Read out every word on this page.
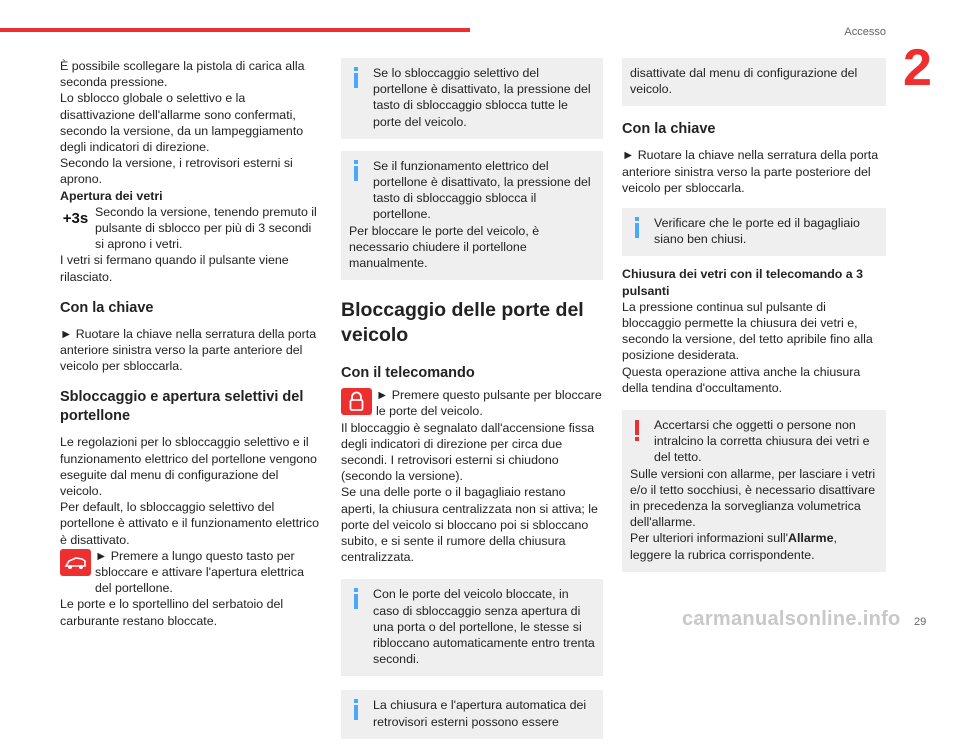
Accesso
2
carmanualsonline.info 29

È possibile scollegare la pistola di carica alla seconda pressione.

Lo sblocco globale o selettivo e la disattivazione dell'allarme sono confermati, secondo la versione, da un lampeggiamento degli indicatori di direzione.

Secondo la versione, i retrovisori esterni si aprono.

Apertura dei vetri

+3s Secondo la versione, tenendo premuto il pulsante di sblocco per più di 3 secondi si aprono i vetri.

I vetri si fermano quando il pulsante viene rilasciato.

Con la chiave

► Ruotare la chiave nella serratura della porta anteriore sinistra verso la parte anteriore del veicolo per sbloccarla.

Sbloccaggio e apertura selettivi del portellone

Le regolazioni per lo sbloccaggio selettivo e il funzionamento elettrico del portellone vengono eseguite dal menu di configurazione del veicolo.

Per default, lo sbloccaggio selettivo del portellone è attivato e il funzionamento elettrico è disattivato.

► Premere a lungo questo tasto per sbloccare e attivare l'apertura elettrica del portellone.

Le porte e lo sportellino del serbatoio del carburante restano bloccate.

Se lo sbloccaggio selettivo del portellone è disattivato, la pressione del tasto di sbloccaggio sblocca tutte le porte del veicolo.
Se il funzionamento elettrico del portellone è disattivato, la pressione del tasto di sbloccaggio sblocca il portellone.
Per bloccare le porte del veicolo, è necessario chiudere il portellone manualmente.
Bloccaggio delle porte del veicolo
Con il telecomando
► Premere questo pulsante per bloccare le porte del veicolo.

Il bloccaggio è segnalato dall'accensione fissa degli indicatori di direzione per circa due secondi. I retrovisori esterni si chiudono (secondo la versione).

Se una delle porte o il bagagliaio restano aperti, la chiusura centralizzata non si attiva; le porte del veicolo si bloccano poi si sbloccano subito, e si sente il rumore della chiusura centralizzata.

Con le porte del veicolo bloccate, in caso di sbloccaggio senza apertura di una porta o del portellone, le stesse si ribloccano automaticamente entro trenta secondi.
La chiusura e l'apertura automatica dei retrovisori esterni possono essere
disattivate dal menu di configurazione del veicolo.
Con la chiave

► Ruotare la chiave nella serratura della porta anteriore sinistra verso la parte posteriore del veicolo per sbloccarla.

Verificare che le porte ed il bagagliaio siano ben chiusi.

Chiusura dei vetri con il telecomando a 3 pulsanti

La pressione continua sul pulsante di bloccaggio permette la chiusura dei vetri e, secondo la versione, del tetto apribile fino alla posizione desiderata.

Questa operazione attiva anche la chiusura della tendina d'occultamento.

Accertarsi che oggetti o persone non intralcino la corretta chiusura dei vetri e del tetto.
Sulle versioni con allarme, per lasciare i vetri e/o il tetto socchiusi, è necessario disattivare in precedenza la sorveglianza volumetrica dell'allarme.
Per ulteriori informazioni sull'Allarme, leggere la rubrica corrispondente.
